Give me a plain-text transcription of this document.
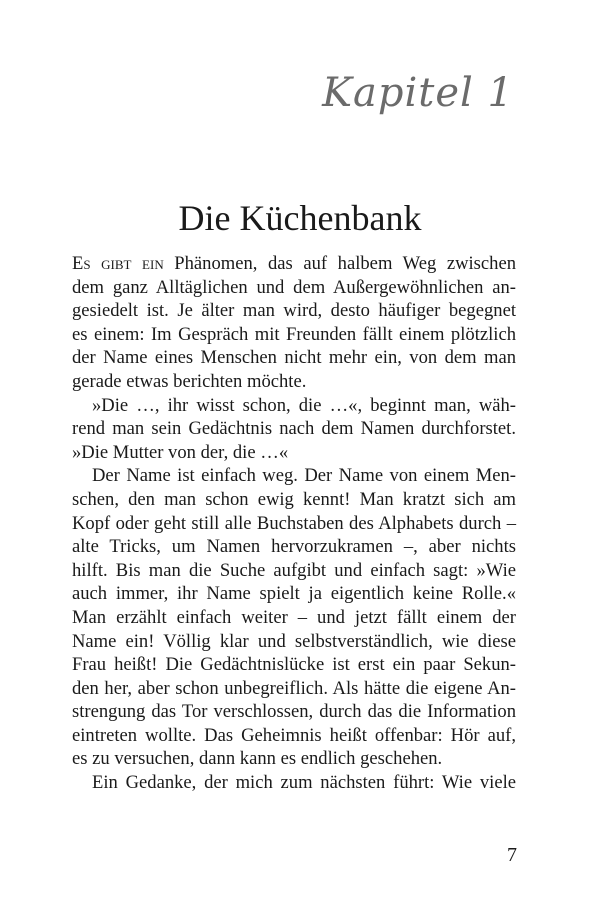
Kapitel 1
Die Küchenbank
Es gibt ein Phänomen, das auf halbem Weg zwischen
dem ganz Alltäglichen und dem Außergewöhnlichen an-
gesiedelt ist. Je älter man wird, desto häufiger begegnet
es einem: Im Gespräch mit Freunden fällt einem plötzlich
der Name eines Menschen nicht mehr ein, von dem man
gerade etwas berichten möchte.
»Die …, ihr wisst schon, die …«, beginnt man, wäh-
rend man sein Gedächtnis nach dem Namen durchforstet.
»Die Mutter von der, die …«
Der Name ist einfach weg. Der Name von einem Men-
schen, den man schon ewig kennt! Man kratzt sich am
Kopf oder geht still alle Buchstaben des Alphabets durch –
alte Tricks, um Namen hervorzukramen –, aber nichts
hilft. Bis man die Suche aufgibt und einfach sagt: »Wie
auch immer, ihr Name spielt ja eigentlich keine Rolle.«
Man erzählt einfach weiter – und jetzt fällt einem der
Name ein! Völlig klar und selbstverständlich, wie diese
Frau heißt! Die Gedächtnislücke ist erst ein paar Sekun-
den her, aber schon unbegreiflich. Als hätte die eigene An-
strengung das Tor verschlossen, durch das die Information
eintreten wollte. Das Geheimnis heißt offenbar: Hör auf,
es zu versuchen, dann kann es endlich geschehen.
Ein Gedanke, der mich zum nächsten führt: Wie viele
7
